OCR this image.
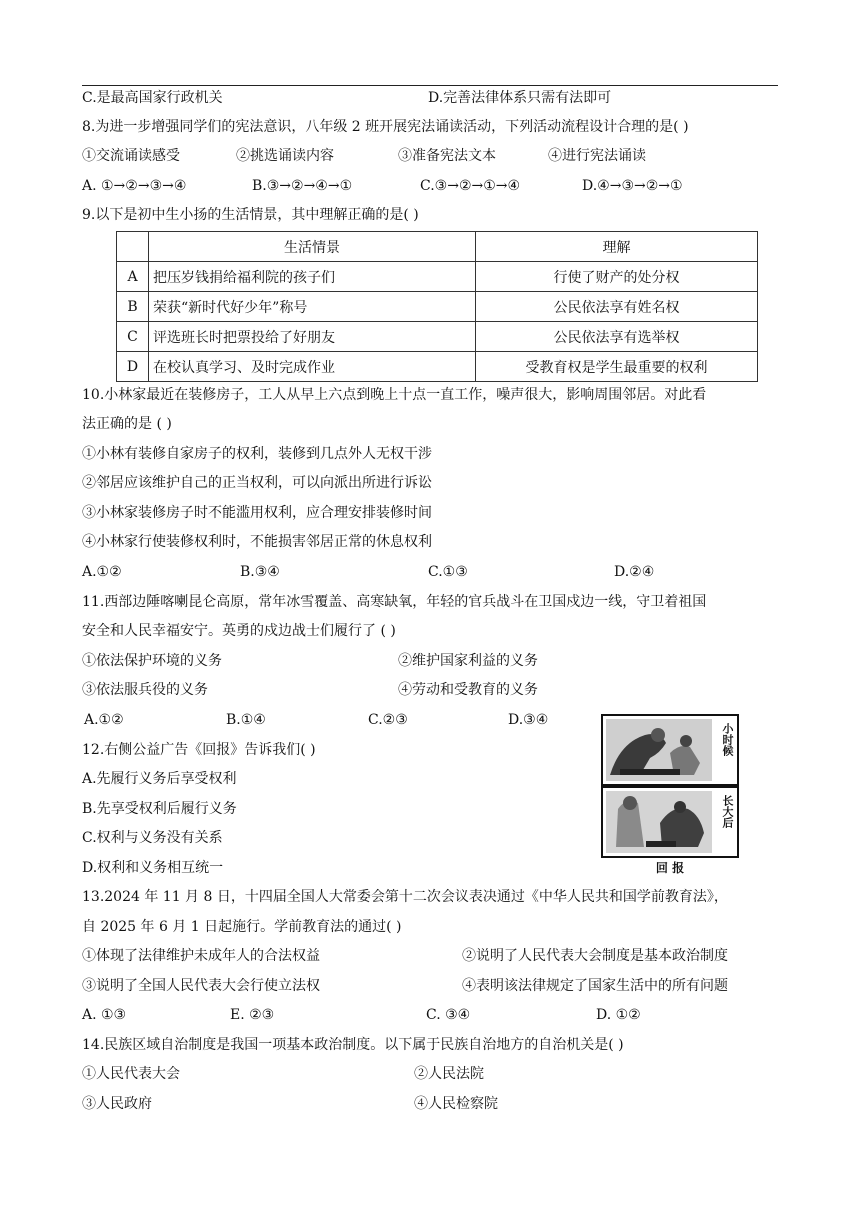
C.是最高国家行政机关	D.完善法律体系只需有法即可
8.为进一步增强同学们的宪法意识，八年级 2 班开展宪法诵读活动，下列活动流程设计合理的是( )
①交流诵读感受	②挑选诵读内容	③准备宪法文本	④进行宪法诵读
A. ①→②→③→④	B.③→②→④→①	C.③→②→①→④	D.④→③→②→①
9.以下是初中生小扬的生活情景，其中理解正确的是( )
	生活情景	理解
A	把压岁钱捐给福利院的孩子们	行使了财产的处分权
B	荣获“新时代好少年”称号	公民依法享有姓名权
C	评选班长时把票投给了好朋友	公民依法享有选举权
D	在校认真学习、及时完成作业	受教育权是学生最重要的权利
10.小林家最近在装修房子，工人从早上六点到晚上十点一直工作，噪声很大，影响周围邻居。对此看
法正确的是 ( )
①小林有装修自家房子的权利，装修到几点外人无权干涉
②邻居应该维护自己的正当权利，可以向派出所进行诉讼
③小林家装修房子时不能滥用权利，应合理安排装修时间
④小林家行使装修权利时，不能损害邻居正常的休息权利
A.①②	B.③④	C.①③	D.②④
11.西部边陲喀喇昆仑高原，常年冰雪覆盖、高寒缺氧，年轻的官兵战斗在卫国戍边一线，守卫着祖国
安全和人民幸福安宁。英勇的戍边战士们履行了 ( )
①依法保护环境的义务	②维护国家利益的义务
③依法服兵役的义务	④劳动和受教育的义务
A.①②	B.①④	C.②③	D.③④
12.右侧公益广告《回报》告诉我们( )
A.先履行义务后享受权利
B.先享受权利后履行义务
C.权利与义务没有关系
D.权利和义务相互统一
小时候
长大后
回 报
13.2024 年 11 月 8 日，十四届全国人大常委会第十二次会议表决通过《中华人民共和国学前教育法》，
自 2025 年 6 月 1 日起施行。学前教育法的通过( )
①体现了法律维护未成年人的合法权益	②说明了人民代表大会制度是基本政治制度
③说明了全国人民代表大会行使立法权	④表明该法律规定了国家生活中的所有问题
A. ①③	E. ②③	C. ③④	D. ①②
14.民族区域自治制度是我国一项基本政治制度。以下属于民族自治地方的自治机关是( )
①人民代表大会	②人民法院
③人民政府	④人民检察院
